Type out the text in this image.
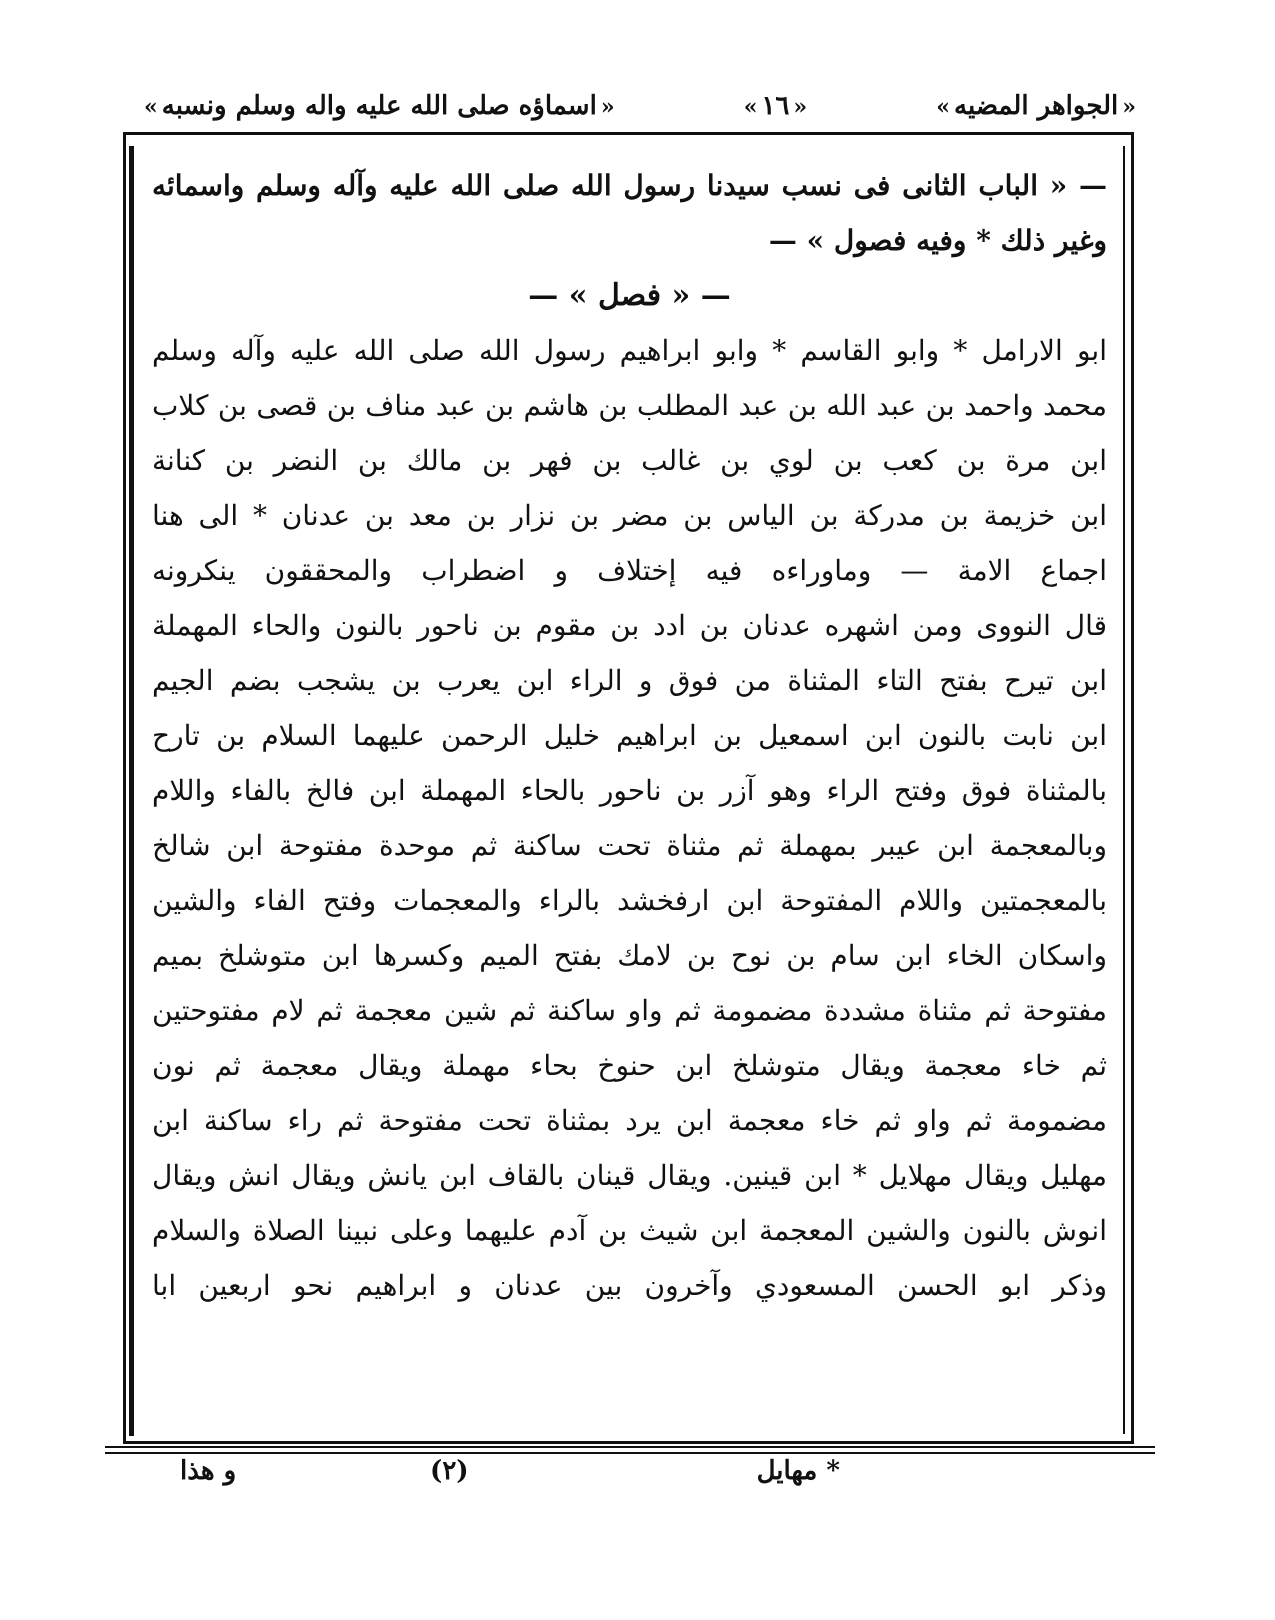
«الجواهر المضيه»
«١٦»
«اسماؤه صلى الله عليه واله وسلم ونسبه»
— « الباب الثانى فى نسب سيدنا رسول الله صلى الله عليه وآله وسلم واسمائه
وغير ذلك * وفيه فصول » —
— « فصل » —
ابو الارامل * وابو القاسم * وابو ابراهيم رسول الله صلى الله عليه وآله وسلم
محمد واحمد بن عبد الله بن عبد المطلب بن هاشم بن عبد مناف بن قصى بن كلاب
ابن مرة بن كعب بن لوي بن غالب بن فهر بن مالك بن النضر بن كنانة
ابن خزيمة بن مدركة بن الياس بن مضر بن نزار بن معد بن عدنان * الى هنا
اجماع الامة — وماوراءه فيه إختلاف و اضطراب والمحققون ينكرونه
قال النووى ومن اشهره عدنان بن ادد بن مقوم بن ناحور بالنون والحاء المهملة
ابن تيرح بفتح التاء المثناة من فوق و الراء ابن يعرب بن يشجب بضم الجيم
ابن نابت بالنون ابن اسمعيل بن ابراهيم خليل الرحمن عليهما السلام بن تارح
بالمثناة فوق وفتح الراء وهو آزر بن ناحور بالحاء المهملة ابن فالخ بالفاء واللام
وبالمعجمة ابن عيبر بمهملة ثم مثناة تحت ساكنة ثم موحدة مفتوحة ابن شالخ
بالمعجمتين واللام المفتوحة ابن ارفخشد بالراء والمعجمات وفتح الفاء والشين
واسكان الخاء ابن سام بن نوح بن لامك بفتح الميم وكسرها ابن متوشلخ بميم
مفتوحة ثم مثناة مشددة مضمومة ثم واو ساكنة ثم شين معجمة ثم لام مفتوحتين
ثم خاء معجمة ويقال متوشلخ ابن حنوخ بحاء مهملة ويقال معجمة ثم نون
مضمومة ثم واو ثم خاء معجمة ابن يرد بمثناة تحت مفتوحة ثم راء ساكنة ابن
مهليل ويقال مهلايل * ابن قينين. ويقال قينان بالقاف ابن يانش ويقال انش ويقال
انوش بالنون والشين المعجمة ابن شيث بن آدم عليهما وعلى نبينا الصلاة والسلام
وذكر ابو الحسن المسعودي وآخرون بين عدنان و ابراهيم نحو اربعين ابا
* مهايل
(٢)
و هذا
